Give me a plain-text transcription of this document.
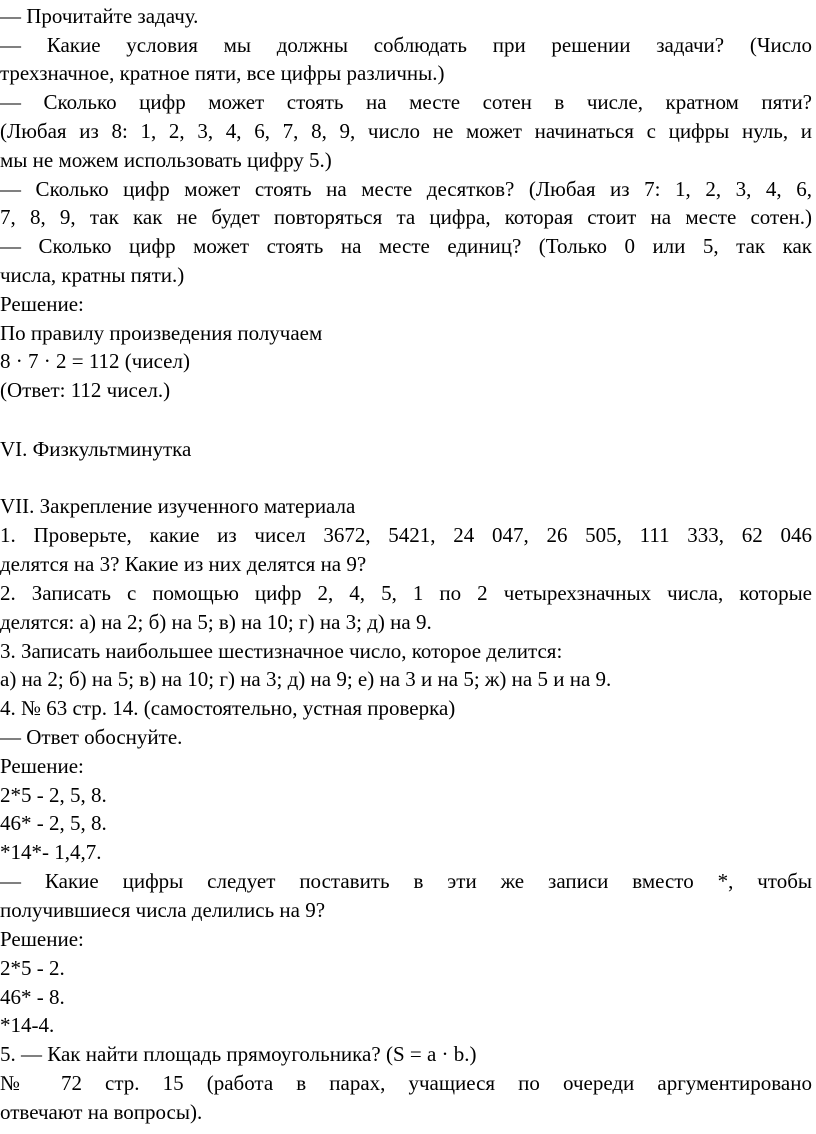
— Прочитайте задачу.
— Какие условия мы должны соблюдать при решении задачи? (Число
трехзначное, кратное пяти, все цифры различны.)
— Сколько цифр может стоять на месте сотен в числе, кратном пяти?
(Любая из 8: 1, 2, 3, 4, 6, 7, 8, 9, число не может начинаться с цифры нуль, и
мы не можем использовать цифру 5.)
— Сколько цифр может стоять на месте десятков? (Любая из 7: 1, 2, 3, 4, 6,
7, 8, 9, так как не будет повторяться та цифра, которая стоит на месте сотен.)
— Сколько цифр может стоять на месте единиц? (Только 0 или 5, так как
числа, кратны пяти.)
Решение:
По правилу произведения получаем
8 · 7 · 2 = 112 (чисел)
(Ответ: 112 чисел.)
VI. Физкультминутка
VII. Закрепление изученного материала
1. Проверьте, какие из чисел 3672, 5421, 24 047, 26 505, 111 333, 62 046
делятся на 3? Какие из них делятся на 9?
2. Записать с помощью цифр 2, 4, 5, 1 по 2 четырехзначных числа, которые
делятся: а) на 2; б) на 5; в) на 10; г) на 3; д) на 9.
3. Записать наибольшее шестизначное число, которое делится:
а) на 2; б) на 5; в) на 10; г) на 3; д) на 9; е) на 3 и на 5; ж) на 5 и на 9.
4. № 63 стр. 14. (самостоятельно, устная проверка)
— Ответ обоснуйте.
Решение:
2*5 - 2, 5, 8.
46* - 2, 5, 8.
*14*- 1,4,7.
— Какие цифры следует поставить в эти же записи вместо *, чтобы
получившиеся числа делились на 9?
Решение:
2*5 - 2.
46* - 8.
*14-4.
5. — Как найти площадь прямоугольника? (S = a · b.)
№ 72 стр. 15 (работа в парах, учащиеся по очереди аргументировано
отвечают на вопросы).
